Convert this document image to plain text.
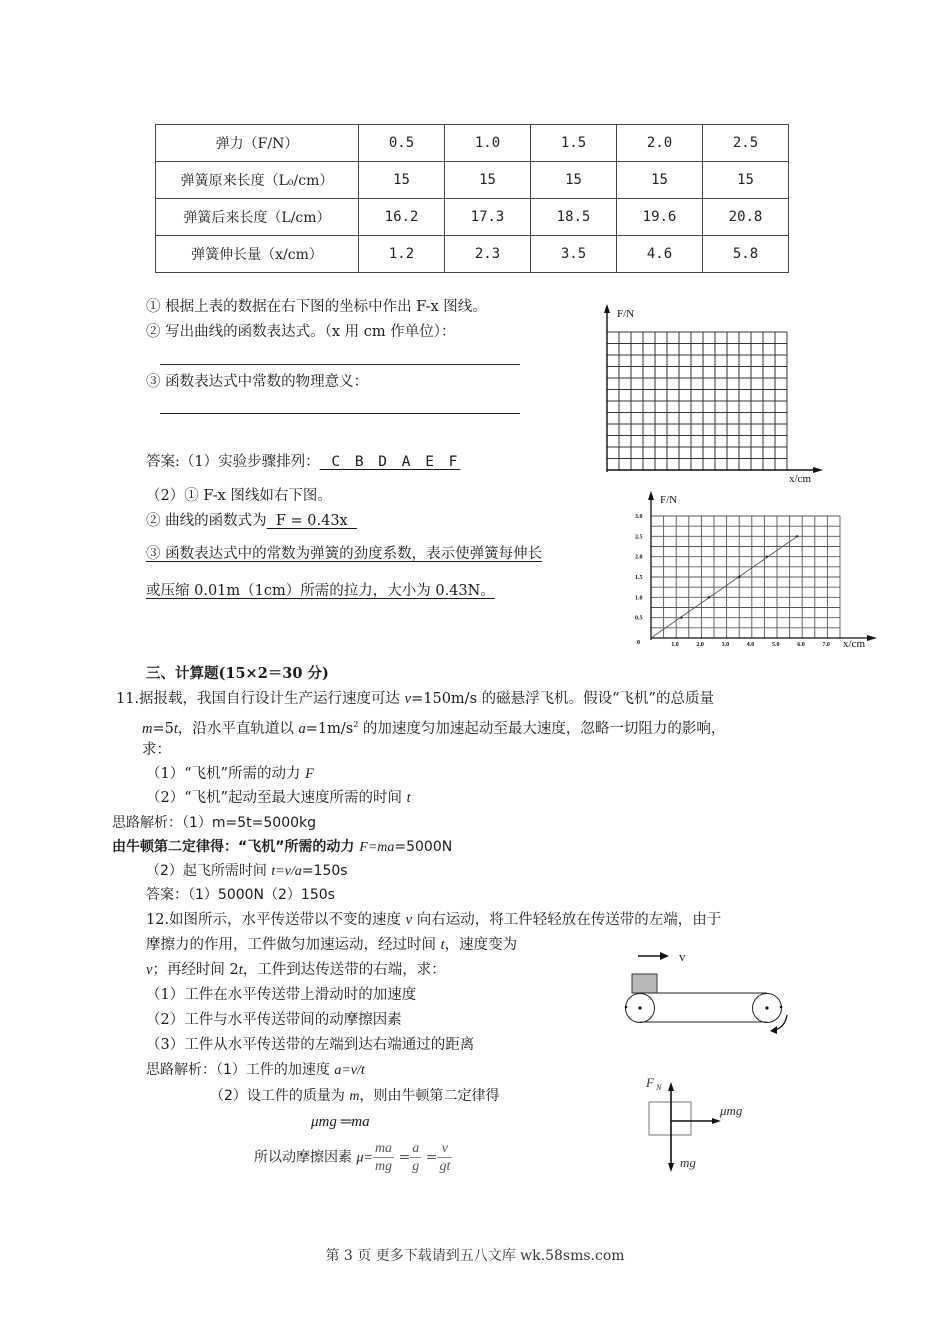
弹力（F/N）	0.5	1.0	1.5	2.0	2.5
弹簧原来长度（L₀/cm）	15	15	15	15	15
弹簧后来长度（L/cm）	16.2	17.3	18.5	19.6	20.8
弹簧伸长量（x/cm）	1.2	2.3	3.5	4.6	5.8
① 根据上表的数据在右下图的坐标中作出 F-x 图线。
② 写出曲线的函数表达式。（x 用 cm 作单位）：
③ 函数表达式中常数的物理意义：
答案:（1）实验步骤排列： C B D A E F
（2）① F-x 图线如右下图。
② 曲线的函数式为  F = 0.43x
③ 函数表达式中的常数为弹簧的劲度系数，表示使弹簧每伸长
或压缩 0.01m（1cm）所需的拉力，大小为 0.43N。
F/N
x/cm
F/N
x/cm
0	1.0	2.0	3.0	4.0	5.0	6.0	7.0
0.5
1.0
1.5
2.0
2.5
3.0
三、计算题(15×2＝30 分)
11.据报载，我国自行设计生产运行速度可达 v=150m/s 的磁悬浮飞机。假设“飞机”的总质量
m=5t，沿水平直轨道以 $a=1m/s^2$ 的加速度匀加速起动至最大速度，忽略一切阻力的影响，
求：
（1）“飞机”所需的动力 F
（2）“飞机”起动至最大速度所需的时间 t
思路解析：（1）m=5t=5000kg
由牛顿第二定律得：“飞机”所需的动力 F=ma=5000N
（2）起飞所需时间 t=v/a=150s
答案：（1）5000N（2）150s
12.如图所示，水平传送带以不变的速度 v 向右运动，将工件轻轻放在传送带的左端，由于
摩擦力的作用，工件做匀加速运动，经过时间 t，速度变为
v；再经时间 2t，工件到达传送带的右端，求：
（1）工件在水平传送带上滑动时的加速度
（2）工件与水平传送带间的动摩擦因素
（3）工件从水平传送带的左端到达右端通过的距离
思路解析：（1）工件的加速度 a=v/t
（2）设工件的质量为 m，则由牛顿第二定律得
μmg ═ma
所以动摩擦因素 $\mu= \frac{ma}{mg} = \frac{a}{g} = \frac{v}{gt}$
v
F N
μmg
mg
第 3 页 更多下载请到五八文库 wk.58sms.com
